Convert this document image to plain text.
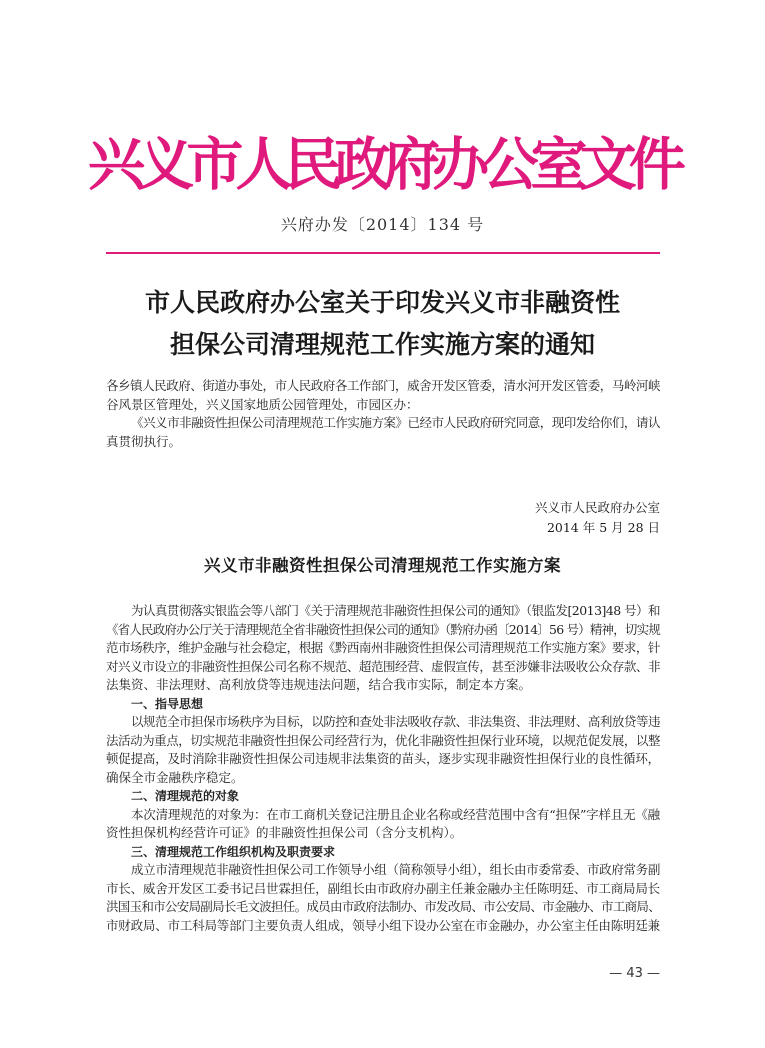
兴义市人民政府办公室文件
兴府办发〔2014〕134 号
市人民政府办公室关于印发兴义市非融资性
担保公司清理规范工作实施方案的通知
各乡镇人民政府、街道办事处，市人民政府各工作部门，威舍开发区管委，清水河开发区管委，马岭河峡
谷风景区管理处，兴义国家地质公园管理处，市园区办：
《兴义市非融资性担保公司清理规范工作实施方案》已经市人民政府研究同意，现印发给你们，请认
真贯彻执行。
兴义市人民政府办公室
2014 年 5 月 28 日
兴义市非融资性担保公司清理规范工作实施方案
为认真贯彻落实银监会等八部门《关于清理规范非融资性担保公司的通知》（银监发[2013]48 号）和
《省人民政府办公厅关于清理规范全省非融资性担保公司的通知》（黔府办函〔2014〕56 号）精神，切实规
范市场秩序，维护金融与社会稳定，根据《黔西南州非融资性担保公司清理规范工作实施方案》要求，针
对兴义市设立的非融资性担保公司名称不规范、超范围经营、虚假宣传，甚至涉嫌非法吸收公众存款、非
法集资、非法理财、高利放贷等违规违法问题，结合我市实际，制定本方案。
一、指导思想
以规范全市担保市场秩序为目标，以防控和查处非法吸收存款、非法集资、非法理财、高利放贷等违
法活动为重点，切实规范非融资性担保公司经营行为，优化非融资性担保行业环境，以规范促发展，以整
顿促提高，及时消除非融资性担保公司违规非法集资的苗头，逐步实现非融资性担保行业的良性循环，
确保全市金融秩序稳定。
二、清理规范的对象
本次清理规范的对象为：在市工商机关登记注册且企业名称或经营范围中含有“担保”字样且无《融
资性担保机构经营许可证》的非融资性担保公司（含分支机构）。
三、清理规范工作组织机构及职责要求
成立市清理规范非融资性担保公司工作领导小组（简称领导小组），组长由市委常委、市政府常务副
市长、威舍开发区工委书记吕世霖担任，副组长由市政府办副主任兼金融办主任陈明廷、市工商局局长
洪国玉和市公安局副局长毛文波担任。成员由市政府法制办、市发改局、市公安局、市金融办、市工商局、
市财政局、市工科局等部门主要负责人组成，领导小组下设办公室在市金融办，办公室主任由陈明廷兼
— 43 —
